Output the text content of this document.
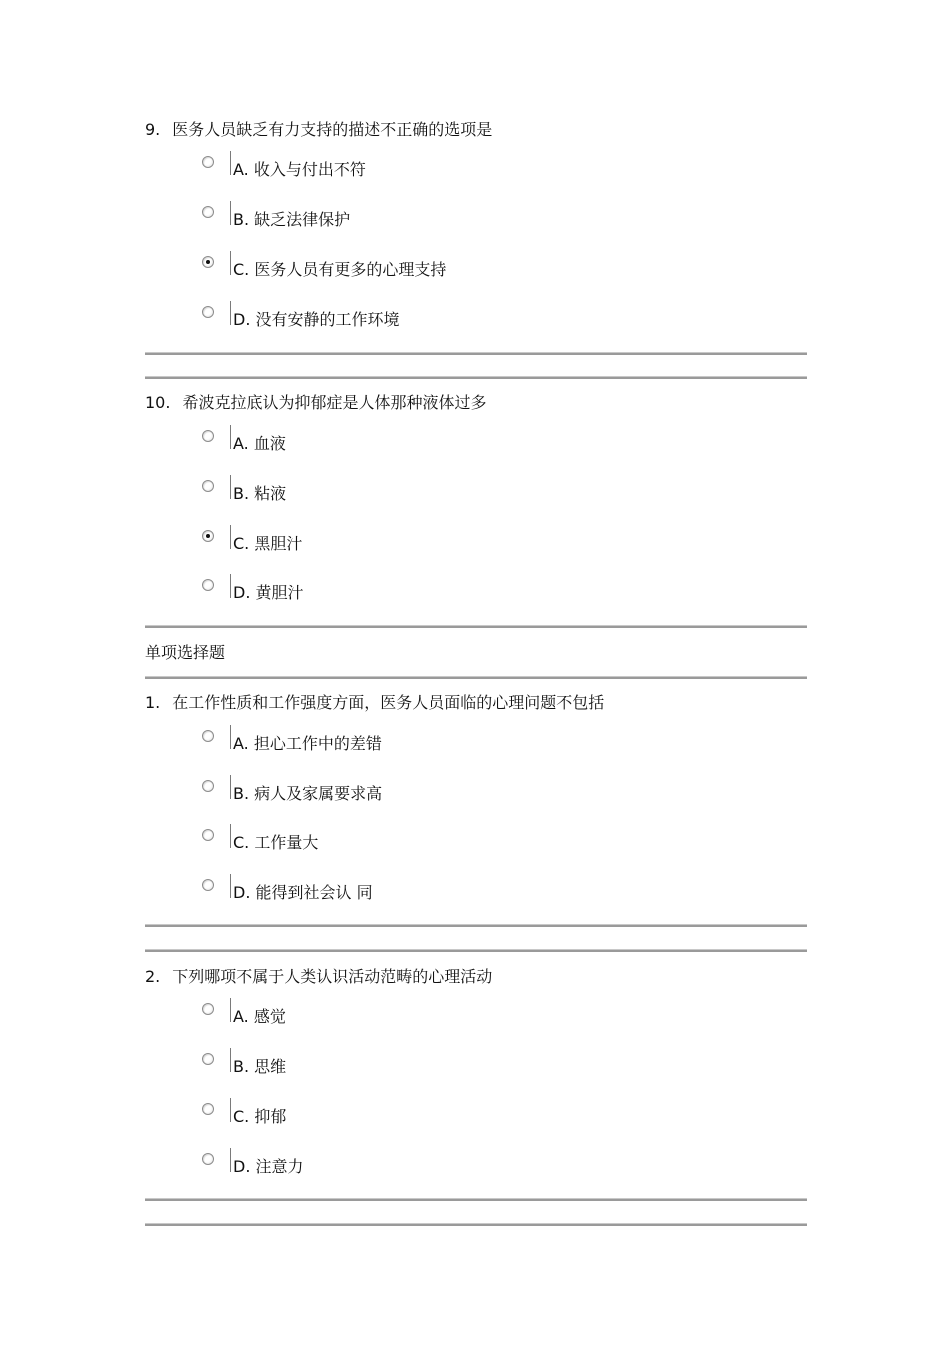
9. 医务人员缺乏有力支持的描述不正确的选项是
A. 收入与付出不符
B. 缺乏法律保护
C. 医务人员有更多的心理支持
D. 没有安静的工作环境
10. 希波克拉底认为抑郁症是人体那种液体过多
A. 血液
B. 粘液
C. 黑胆汁
D. 黄胆汁
单项选择题
1. 在工作性质和工作强度方面，医务人员面临的心理问题不包括
A. 担心工作中的差错
B. 病人及家属要求高
C. 工作量大
D. 能得到社会认 同
2. 下列哪项不属于人类认识活动范畴的心理活动
A. 感觉
B. 思维
C. 抑郁
D. 注意力
